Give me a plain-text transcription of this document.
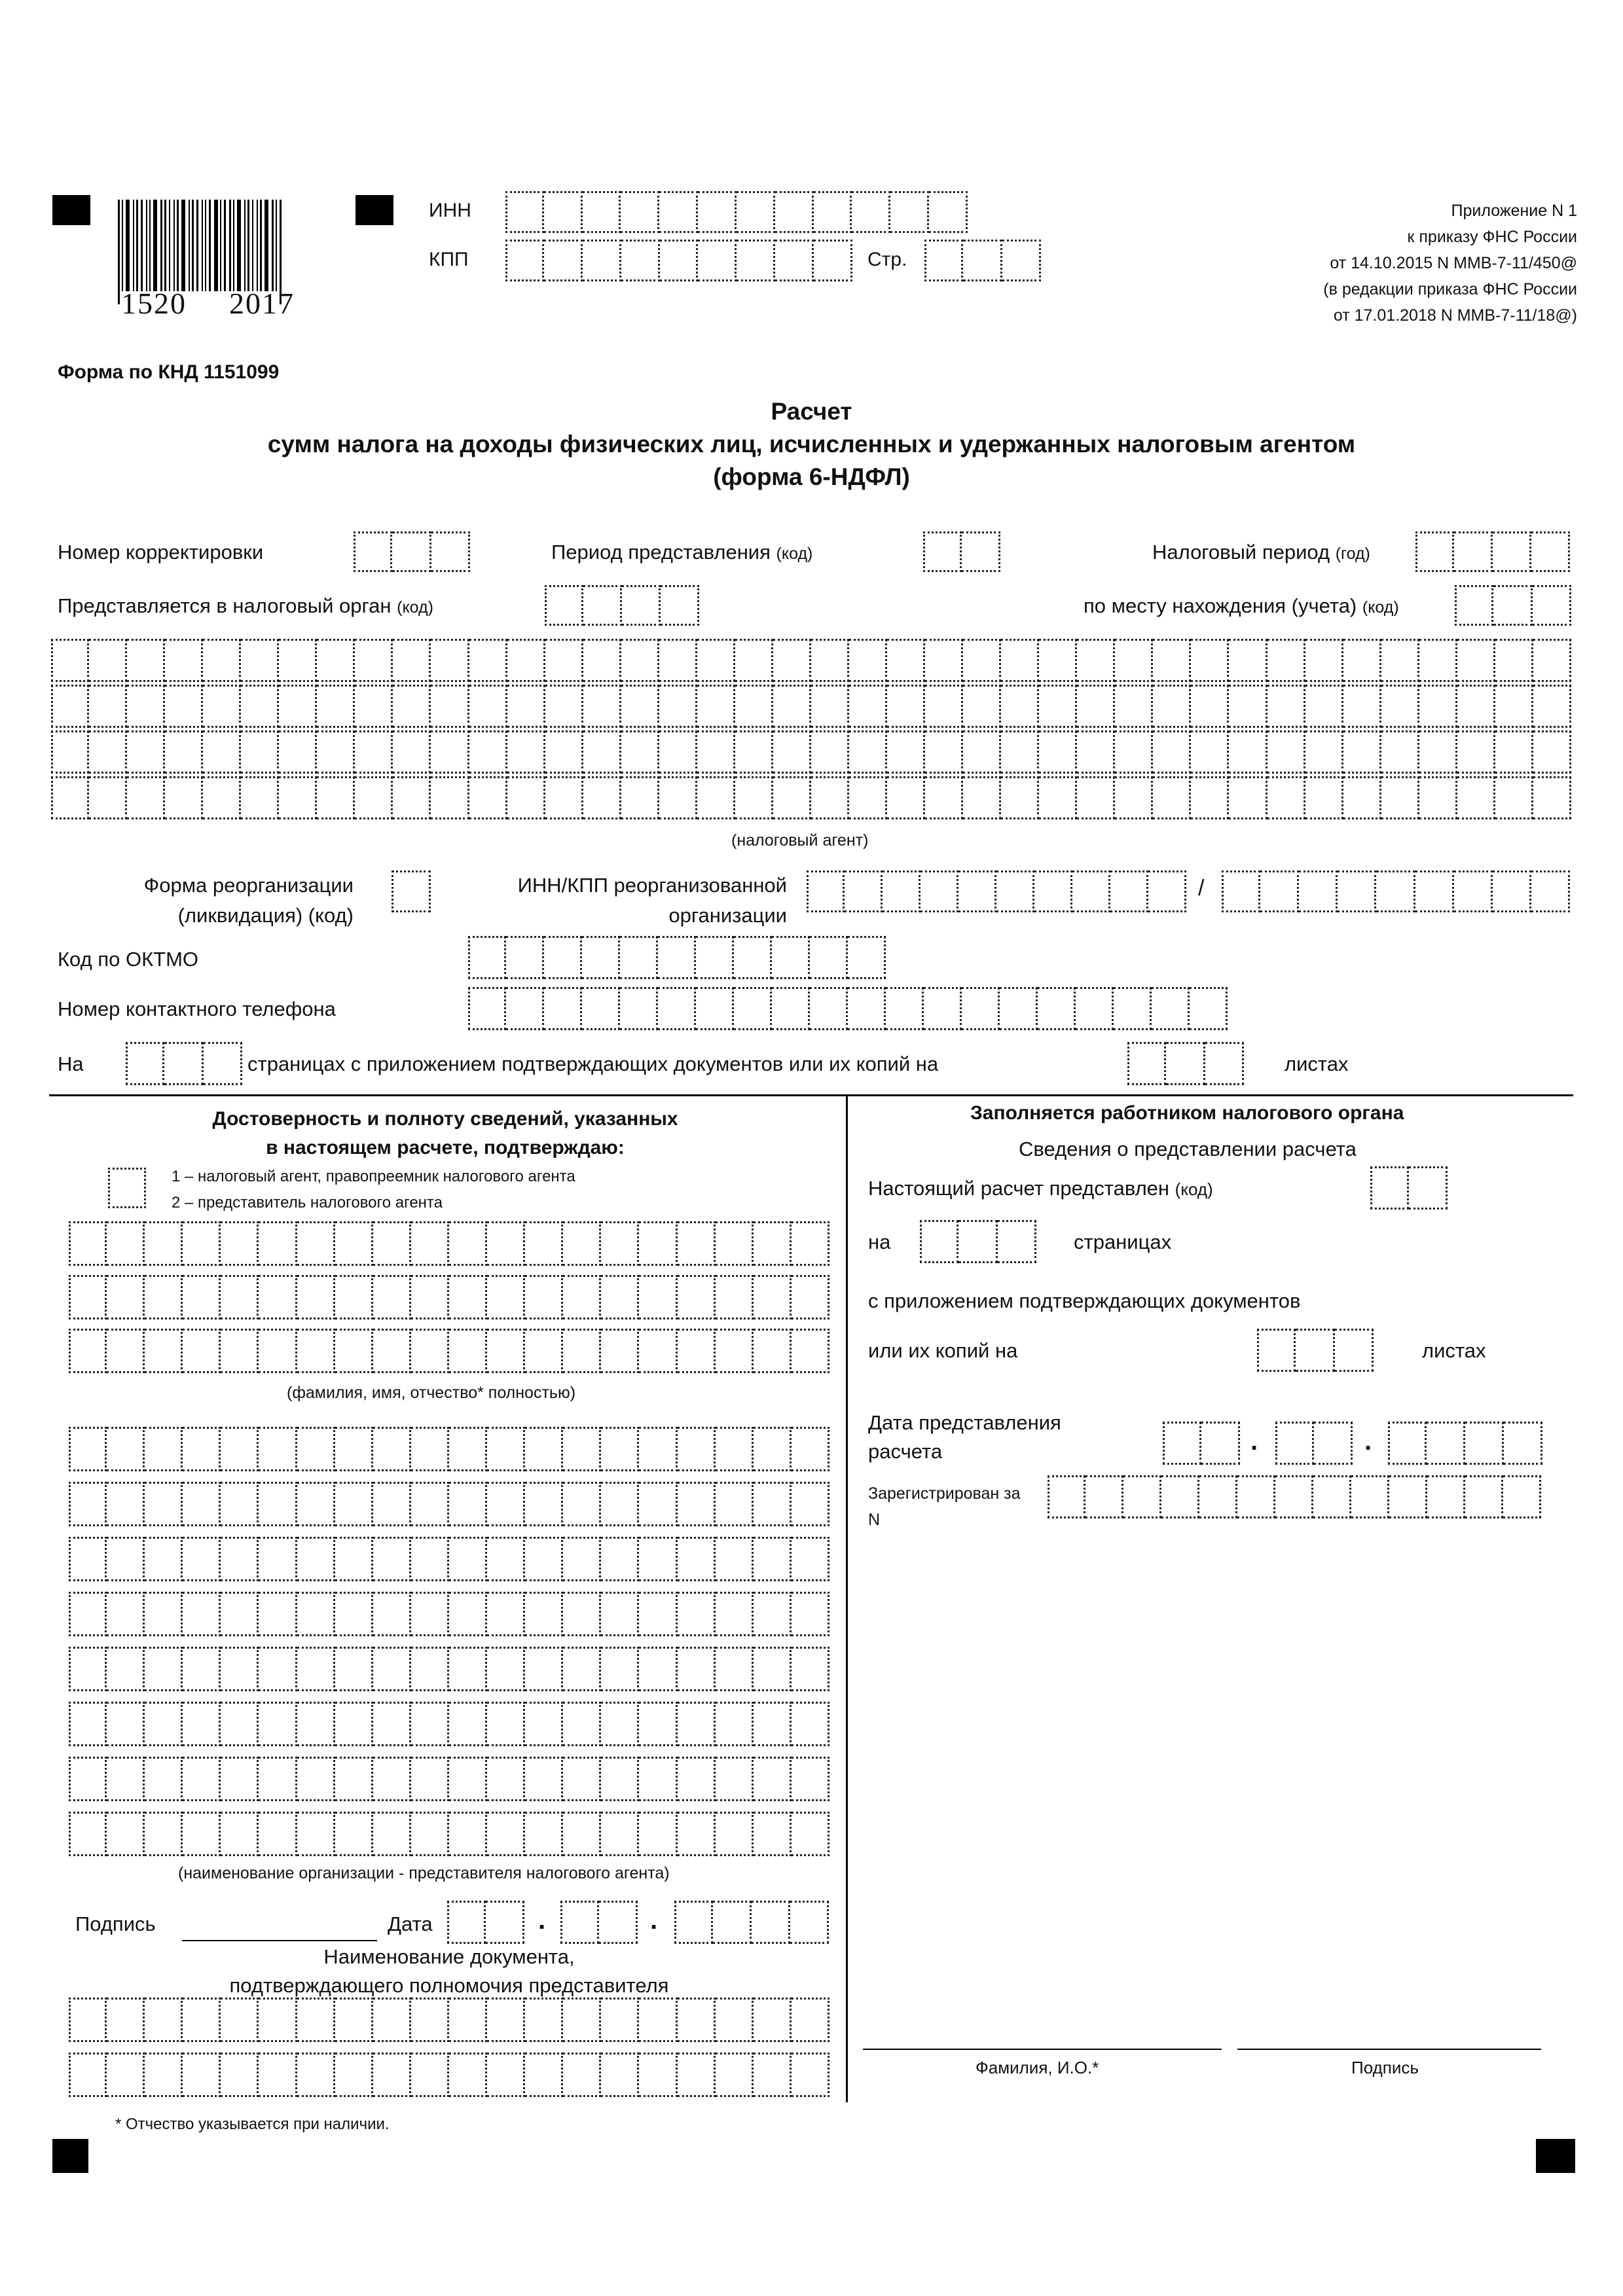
1520 2017
ИНН
КПП	Стр.
Приложение N 1
к приказу ФНС России
от 14.10.2015 N ММВ-7-11/450@
(в редакции приказа ФНС России
от 17.01.2018 N ММВ-7-11/18@)
Форма по КНД 1151099
Расчет
сумм налога на доходы физических лиц, исчисленных и удержанных налоговым агентом
(форма 6-НДФЛ)
Номер корректировки	Период представления (код)	Налоговый период (год)
Представляется в налоговый орган (код)	по месту нахождения (учета) (код)
(налоговый агент)
Форма реорганизации
(ликвидация) (код)
ИНН/КПП реорганизованной
организации
/
Код по ОКТМО
Номер контактного телефона
На	страницах с приложением подтверждающих документов или их копий на	листах
Достоверность и полноту сведений, указанных
в настоящем расчете, подтверждаю:
1 – налоговый агент, правопреемник налогового агента
2 – представитель налогового агента
(фамилия, имя, отчество* полностью)
(наименование организации - представителя налогового агента)
Подпись	Дата	.	.
Наименование документа,
подтверждающего полномочия представителя
Заполняется работником налогового органа
Сведения о представлении расчета
Настоящий расчет представлен (код)
на	страницах
с приложением подтверждающих документов
или их копий на	листах
Дата представления
расчета	.	.
Зарегистрирован за
N
Фамилия, И.О.*	Подпись
* Отчество указывается при наличии.
